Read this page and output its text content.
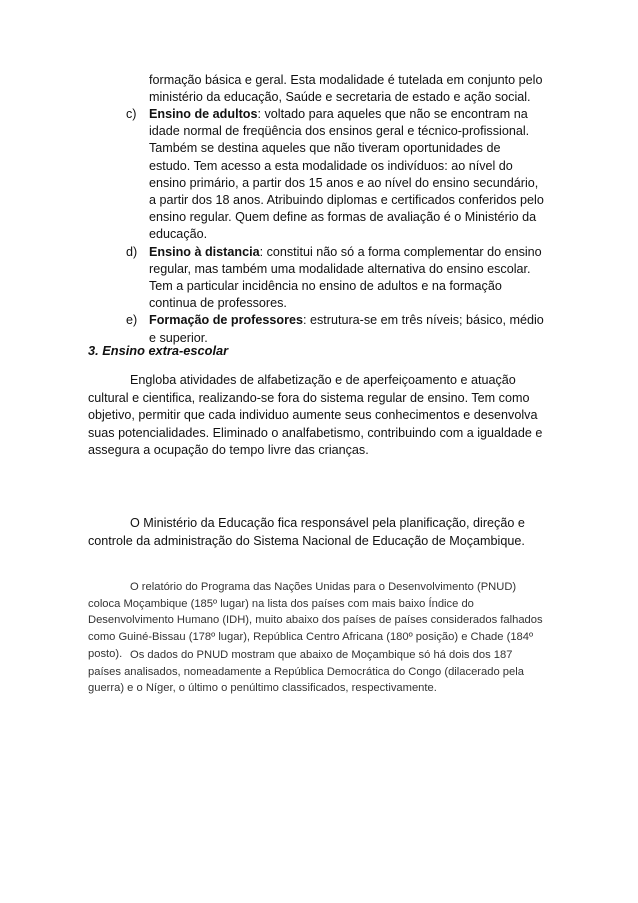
formação básica e geral. Esta modalidade é tutelada em conjunto pelo ministério da educação, Saúde e secretaria de estado e ação social.

c) Ensino de adultos: voltado para aqueles que não se encontram na idade normal de freqüência dos ensinos geral e técnico-profissional. Também se destina aqueles que não tiveram oportunidades de estudo. Tem acesso a esta modalidade os indivíduos: ao nível do ensino primário, a partir dos 15 anos e ao nível do ensino secundário, a partir dos 18 anos. Atribuindo diplomas e certificados conferidos pelo ensino regular. Quem define as formas de avaliação é o Ministério da educação.
d) Ensino à distancia: constitui não só a forma complementar do ensino regular, mas também uma modalidade alternativa do ensino escolar. Tem a particular incidência no ensino de adultos e na formação continua de professores.
e) Formação de professores: estrutura-se em três níveis; básico, médio e superior.
3. Ensino extra-escolar

Engloba atividades de alfabetização e de aperfeiçoamento e atuação cultural e cientifica, realizando-se fora do sistema regular de ensino. Tem como objetivo, permitir que cada individuo aumente seus conhecimentos e desenvolva suas potencialidades. Eliminado o analfabetismo, contribuindo com a igualdade e assegura a ocupação do tempo livre das crianças.

O Ministério da Educação fica responsável pela planificação, direção e controle da administração do Sistema Nacional de Educação de Moçambique.

O relatório do Programa das Nações Unidas para o Desenvolvimento (PNUD) coloca Moçambique (185º lugar) na lista dos países com mais baixo Índice do Desenvolvimento Humano (IDH), muito abaixo dos países de países considerados falhados como Guiné-Bissau (178º lugar), República Centro Africana (180º posição) e Chade (184º posto). Os dados do PNUD mostram que abaixo de Moçambique só há dois dos 187 países analisados, nomeadamente a República Democrática do Congo (dilacerado pela guerra) e o Níger, o último o penúltimo classificados, respectivamente.
